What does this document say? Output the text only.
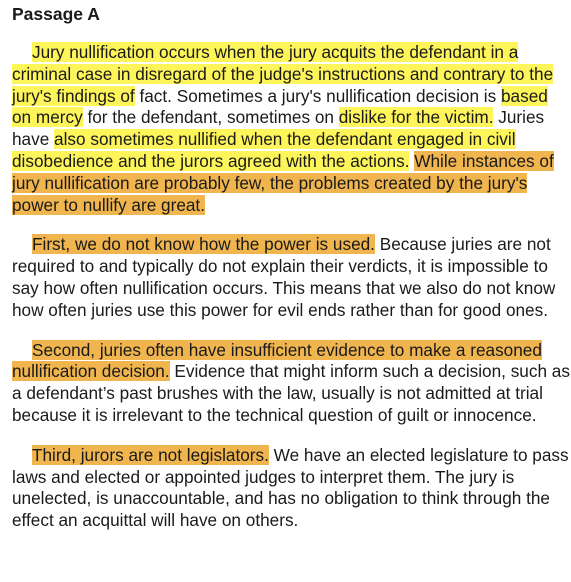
Passage A

Jury nullification occurs when the jury acquits the defendant in a criminal case in disregard of the judge's instructions and contrary to the jury's findings of fact. Sometimes a jury's nullification decision is based on mercy for the defendant, sometimes on dislike for the victim. Juries have also sometimes nullified when the defendant engaged in civil disobedience and the jurors agreed with the actions. While instances of jury nullification are probably few, the problems created by the jury's power to nullify are great.

First, we do not know how the power is used. Because juries are not required to and typically do not explain their verdicts, it is impossible to say how often nullification occurs. This means that we also do not know how often juries use this power for evil ends rather than for good ones.

Second, juries often have insufficient evidence to make a reasoned nullification decision. Evidence that might inform such a decision, such as a defendant’s past brushes with the law, usually is not admitted at trial because it is irrelevant to the technical question of guilt or innocence.

Third, jurors are not legislators. We have an elected legislature to pass laws and elected or appointed judges to interpret them. The jury is unelected, is unaccountable, and has no obligation to think through the effect an acquittal will have on others.
